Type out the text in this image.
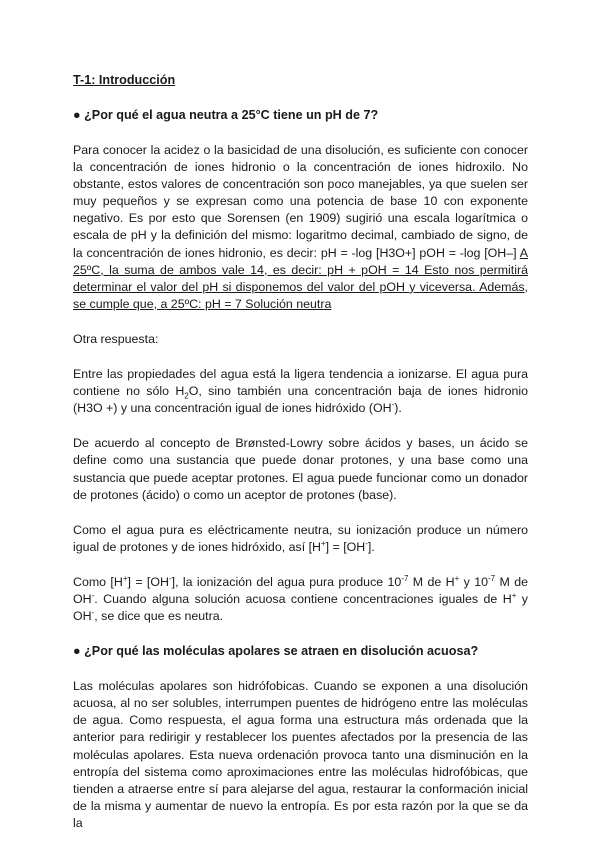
T-1: Introducción
● ¿Por qué el agua neutra a 25°C tiene un pH de 7?

Para conocer la acidez o la basicidad de una disolución, es suficiente con conocer la concentración de iones hidronio o la concentración de iones hidroxilo. No obstante, estos valores de concentración son poco manejables, ya que suelen ser muy pequeños y se expresan como una potencia de base 10 con exponente negativo. Es por esto que Sorensen (en 1909) sugirió una escala logarítmica o escala de pH y la definición del mismo: logaritmo decimal, cambiado de signo, de la concentración de iones hidronio, es decir: pH = -log [H3O+] pOH = -log [OH–] A 25ºC, la suma de ambos vale 14, es decir: pH + pOH = 14 Esto nos permitirá determinar el valor del pH si disponemos del valor del pOH y viceversa. Además, se cumple que, a 25ºC: pH = 7 Solución neutra

Otra respuesta:

Entre las propiedades del agua está la ligera tendencia a ionizarse. El agua pura contiene no sólo $H_2O$, sino también una concentración baja de iones hidronio (H3O +) y una concentración igual de iones hidróxido (OH-).

De acuerdo al concepto de Brønsted-Lowry sobre ácidos y bases, un ácido se define como una sustancia que puede donar protones, y una base como una sustancia que puede aceptar protones. El agua puede funcionar como un donador de protones (ácido) o como un aceptor de protones (base).

Como el agua pura es eléctricamente neutra, su ionización produce un número igual de protones y de iones hidróxido, así [H+] = [OH-].

Como [H+] = [OH-], la ionización del agua pura produce $10^{-7}$ M de H+ y $10^{-7}$ M de OH-. Cuando alguna solución acuosa contiene concentraciones iguales de H+ y OH-, se dice que es neutra.

● ¿Por qué las moléculas apolares se atraen en disolución acuosa?

Las moléculas apolares son hidrófobicas. Cuando se exponen a una disolución acuosa, al no ser solubles, interrumpen puentes de hidrógeno entre las moléculas de agua. Como respuesta, el agua forma una estructura más ordenada que la anterior para redirigir y restablecer los puentes afectados por la presencia de las moléculas apolares. Esta nueva ordenación provoca tanto una disminución en la entropía del sistema como aproximaciones entre las moléculas hidrofóbicas, que tienden a atraerse entre sí para alejarse del agua, restaurar la conformación inicial de la misma y aumentar de nuevo la entropía. Es por esta razón por la que se da la
